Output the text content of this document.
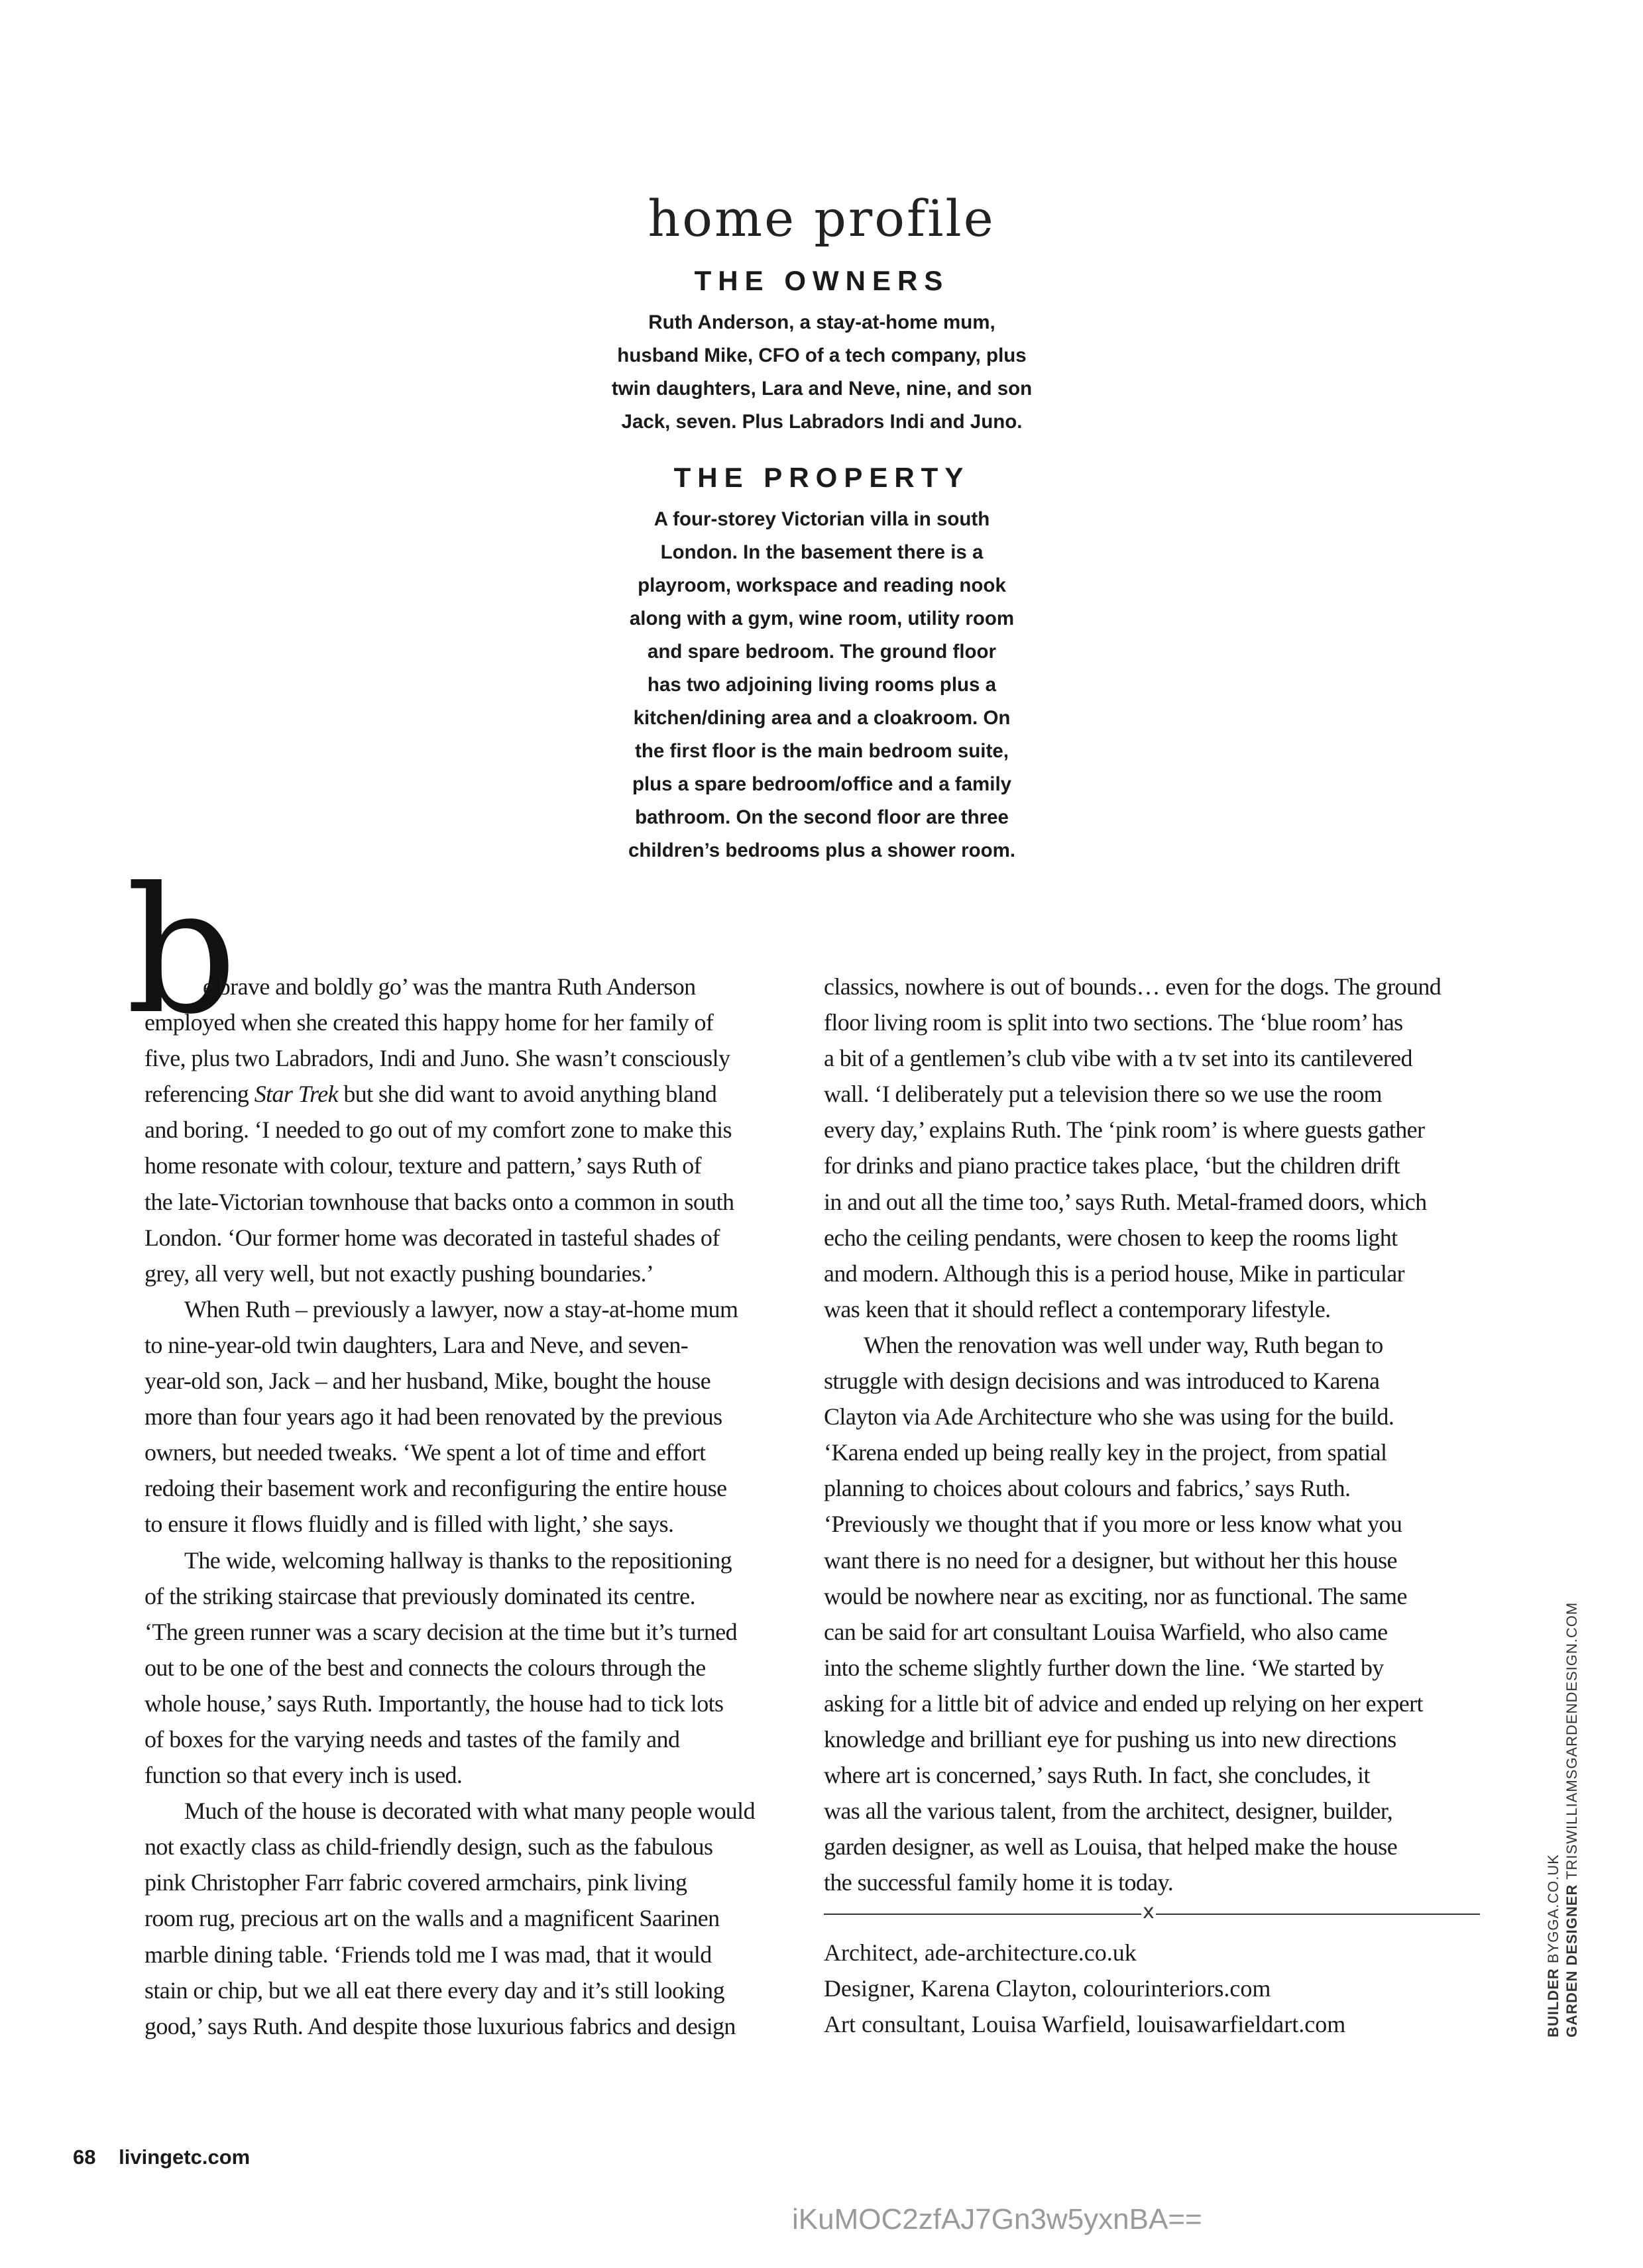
home profile
THE OWNERS

Ruth Anderson, a stay-at-home mum,
husband Mike, CFO of a tech company, plus
twin daughters, Lara and Neve, nine, and son
Jack, seven. Plus Labradors Indi and Juno.

THE PROPERTY

A four-storey Victorian villa in south
London. In the basement there is a
playroom, workspace and reading nook
along with a gym, wine room, utility room
and spare bedroom. The ground floor
has two adjoining living rooms plus a
kitchen/dining area and a cloakroom. On
the first floor is the main bedroom suite,
plus a spare bedroom/office and a family
bathroom. On the second floor are three
children’s bedrooms plus a shower room.

b

e brave and boldly go’ was the mantra Ruth Anderson
employed when she created this happy home for her family of
five, plus two Labradors, Indi and Juno. She wasn’t consciously
referencing Star Trek but she did want to avoid anything bland
and boring. ‘I needed to go out of my comfort zone to make this
home resonate with colour, texture and pattern,’ says Ruth of
the late-Victorian townhouse that backs onto a common in south
London. ‘Our former home was decorated in tasteful shades of
grey, all very well, but not exactly pushing boundaries.’

When Ruth – previously a lawyer, now a stay-at-home mum
to nine-year-old twin daughters, Lara and Neve, and seven-
year-old son, Jack – and her husband, Mike, bought the house
more than four years ago it had been renovated by the previous
owners, but needed tweaks. ‘We spent a lot of time and effort
redoing their basement work and reconfiguring the entire house
to ensure it flows fluidly and is filled with light,’ she says.

The wide, welcoming hallway is thanks to the repositioning
of the striking staircase that previously dominated its centre.
‘The green runner was a scary decision at the time but it’s turned
out to be one of the best and connects the colours through the
whole house,’ says Ruth. Importantly, the house had to tick lots
of boxes for the varying needs and tastes of the family and
function so that every inch is used.

Much of the house is decorated with what many people would
not exactly class as child-friendly design, such as the fabulous
pink Christopher Farr fabric covered armchairs, pink living
room rug, precious art on the walls and a magnificent Saarinen
marble dining table. ‘Friends told me I was mad, that it would
stain or chip, but we all eat there every day and it’s still looking
good,’ says Ruth. And despite those luxurious fabrics and design

classics, nowhere is out of bounds… even for the dogs. The ground
floor living room is split into two sections. The ‘blue room’ has
a bit of a gentlemen’s club vibe with a tv set into its cantilevered
wall. ‘I deliberately put a television there so we use the room
every day,’ explains Ruth. The ‘pink room’ is where guests gather
for drinks and piano practice takes place, ‘but the children drift
in and out all the time too,’ says Ruth. Metal-framed doors, which
echo the ceiling pendants, were chosen to keep the rooms light
and modern. Although this is a period house, Mike in particular
was keen that it should reflect a contemporary lifestyle.

When the renovation was well under way, Ruth began to
struggle with design decisions and was introduced to Karena
Clayton via Ade Architecture who she was using for the build.
‘Karena ended up being really key in the project, from spatial
planning to choices about colours and fabrics,’ says Ruth.
‘Previously we thought that if you more or less know what you
want there is no need for a designer, but without her this house
would be nowhere near as exciting, nor as functional. The same
can be said for art consultant Louisa Warfield, who also came
into the scheme slightly further down the line. ‘We started by
asking for a little bit of advice and ended up relying on her expert
knowledge and brilliant eye for pushing us into new directions
where art is concerned,’ says Ruth. In fact, she concludes, it
was all the various talent, from the architect, designer, builder,
garden designer, as well as Louisa, that helped make the house
the successful family home it is today.

x

Architect, ade-architecture.co.uk

Designer, Karena Clayton, colourinteriors.com

Art consultant, Louisa Warfield, louisawarfieldart.com	BUILDER BYGGA.CO.UK GARDEN DESIGNER TRISWILLIAMSGARDENDESIGN.COM
68 livingetc.com
iKuMOC2zfAJ7Gn3w5yxnBA==
